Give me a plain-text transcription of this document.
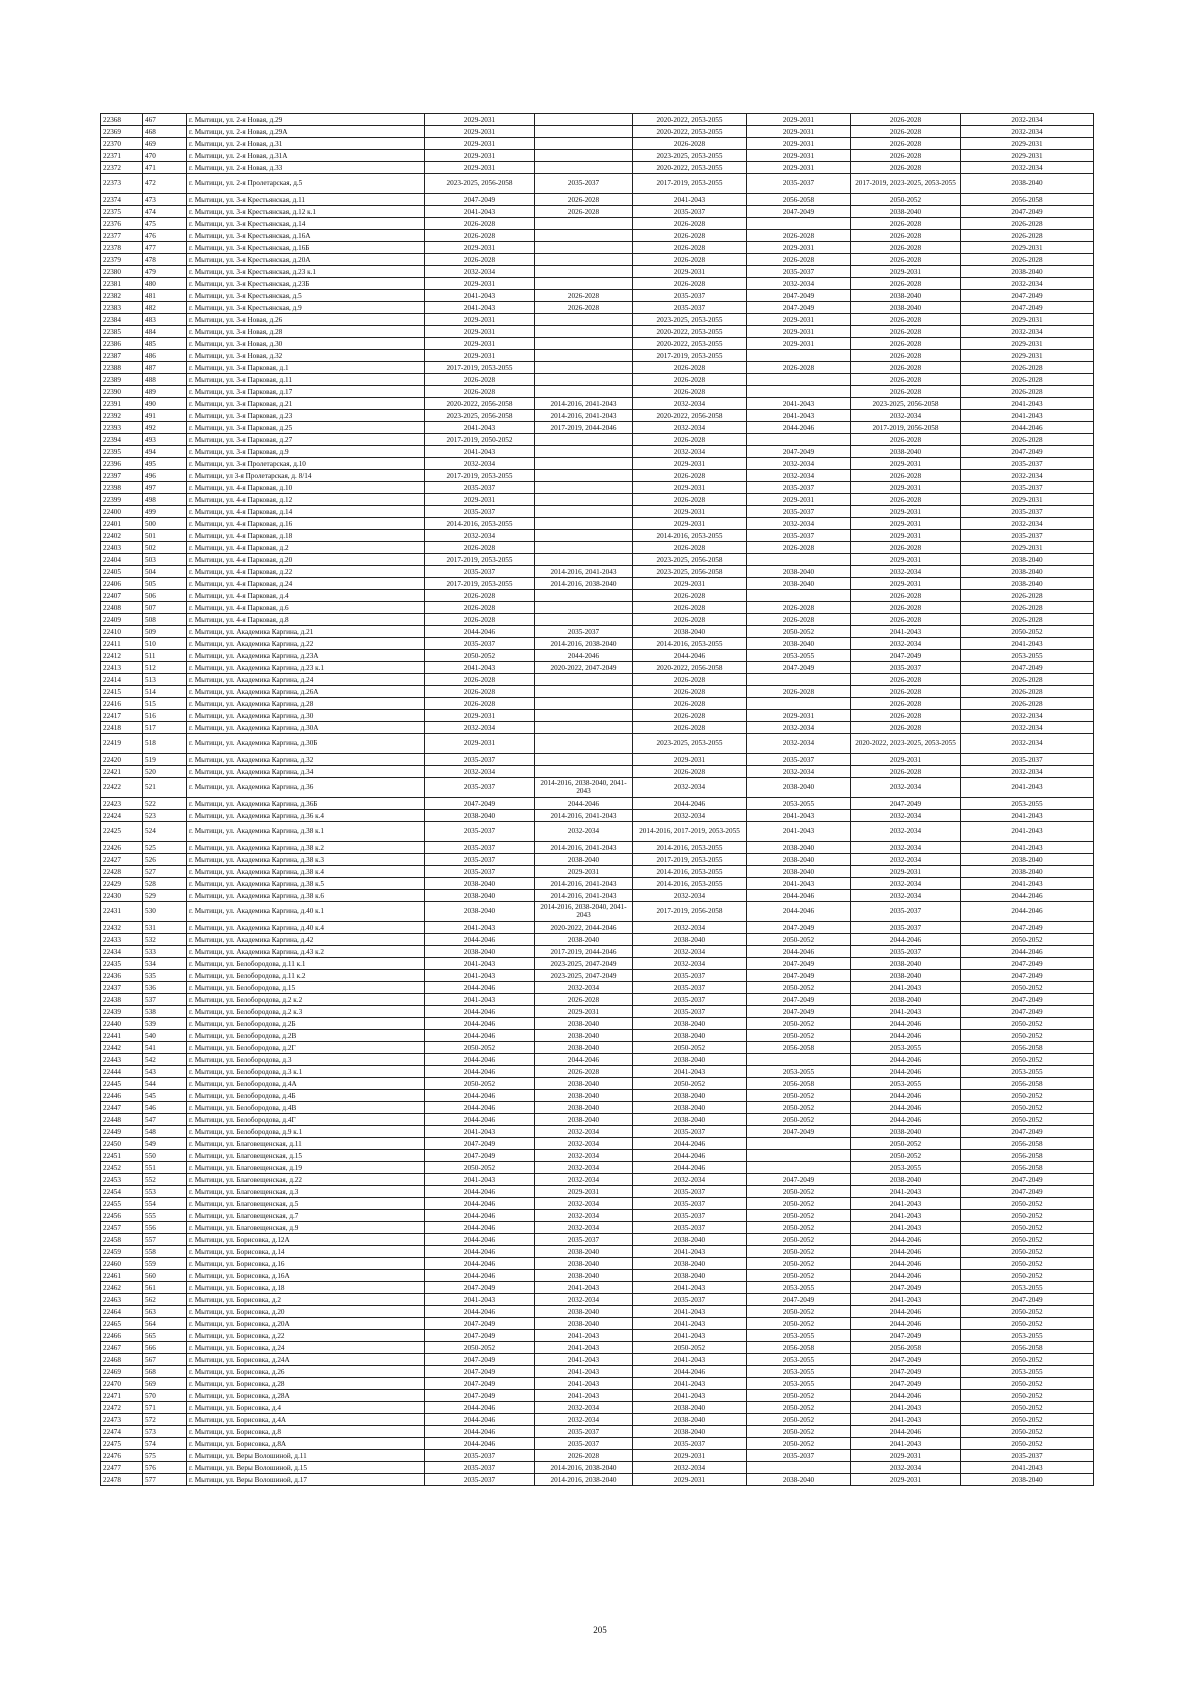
22368	467	г. Мытищи, ул. 2-я Новая, д.29	2029-2031		2020-2022, 2053-2055	2029-2031	2026-2028	2032-2034
22369	468	г. Мытищи, ул. 2-я Новая, д.29А	2029-2031		2020-2022, 2053-2055	2029-2031	2026-2028	2032-2034
22370	469	г. Мытищи, ул. 2-я Новая, д.31	2029-2031		2026-2028	2029-2031	2026-2028	2029-2031
22371	470	г. Мытищи, ул. 2-я Новая, д.31А	2029-2031		2023-2025, 2053-2055	2029-2031	2026-2028	2029-2031
22372	471	г. Мытищи, ул. 2-я Новая, д.33	2029-2031		2020-2022, 2053-2055	2029-2031	2026-2028	2032-2034
22373	472	г. Мытищи, ул. 2-я Пролетарская, д.5	2023-2025, 2056-2058	2035-2037	2017-2019, 2053-2055	2035-2037	2017-2019, 2023-2025, 2053-2055	2038-2040
22374	473	г. Мытищи, ул. 3-я Крестьянская, д.11	2047-2049	2026-2028	2041-2043	2056-2058	2050-2052	2056-2058
22375	474	г. Мытищи, ул. 3-я Крестьянская, д.12 к.1	2041-2043	2026-2028	2035-2037	2047-2049	2038-2040	2047-2049
22376	475	г. Мытищи, ул. 3-я Крестьянская, д.14	2026-2028		2026-2028		2026-2028	2026-2028
22377	476	г. Мытищи, ул. 3-я Крестьянская, д.16А	2026-2028		2026-2028	2026-2028	2026-2028	2026-2028
22378	477	г. Мытищи, ул. 3-я Крестьянская, д.16Б	2029-2031		2026-2028	2029-2031	2026-2028	2029-2031
22379	478	г. Мытищи, ул. 3-я Крестьянская, д.20А	2026-2028		2026-2028	2026-2028	2026-2028	2026-2028
22380	479	г. Мытищи, ул. 3-я Крестьянская, д.23 к.1	2032-2034		2029-2031	2035-2037	2029-2031	2038-2040
22381	480	г. Мытищи, ул. 3-я Крестьянская, д.23Б	2029-2031		2026-2028	2032-2034	2026-2028	2032-2034
22382	481	г. Мытищи, ул. 3-я Крестьянская, д.5	2041-2043	2026-2028	2035-2037	2047-2049	2038-2040	2047-2049
22383	482	г. Мытищи, ул. 3-я Крестьянская, д.9	2041-2043	2026-2028	2035-2037	2047-2049	2038-2040	2047-2049
22384	483	г. Мытищи, ул. 3-я Новая, д.26	2029-2031		2023-2025, 2053-2055	2029-2031	2026-2028	2029-2031
22385	484	г. Мытищи, ул. 3-я Новая, д.28	2029-2031		2020-2022, 2053-2055	2029-2031	2026-2028	2032-2034
22386	485	г. Мытищи, ул. 3-я Новая, д.30	2029-2031		2020-2022, 2053-2055	2029-2031	2026-2028	2029-2031
22387	486	г. Мытищи, ул. 3-я Новая, д.32	2029-2031		2017-2019, 2053-2055		2026-2028	2029-2031
22388	487	г. Мытищи, ул. 3-я Парковая, д.1	2017-2019, 2053-2055		2026-2028	2026-2028	2026-2028	2026-2028
22389	488	г. Мытищи, ул. 3-я Парковая, д.11	2026-2028		2026-2028		2026-2028	2026-2028
22390	489	г. Мытищи, ул. 3-я Парковая, д.17	2026-2028		2026-2028		2026-2028	2026-2028
22391	490	г. Мытищи, ул. 3-я Парковая, д.21	2020-2022, 2056-2058	2014-2016, 2041-2043	2032-2034	2041-2043	2023-2025, 2056-2058	2041-2043
22392	491	г. Мытищи, ул. 3-я Парковая, д.23	2023-2025, 2056-2058	2014-2016, 2041-2043	2020-2022, 2056-2058	2041-2043	2032-2034	2041-2043
22393	492	г. Мытищи, ул. 3-я Парковая, д.25	2041-2043	2017-2019, 2044-2046	2032-2034	2044-2046	2017-2019, 2056-2058	2044-2046
22394	493	г. Мытищи, ул. 3-я Парковая, д.27	2017-2019, 2050-2052		2026-2028		2026-2028	2026-2028
22395	494	г. Мытищи, ул. 3-я Парковая, д.9	2041-2043		2032-2034	2047-2049	2038-2040	2047-2049
22396	495	г. Мытищи, ул. 3-я Пролетарская, д.10	2032-2034		2029-2031	2032-2034	2029-2031	2035-2037
22397	496	г. Мытищи, ул 3-я Пролетарская, д. 8/14	2017-2019, 2053-2055		2026-2028	2032-2034	2026-2028	2032-2034
22398	497	г. Мытищи, ул. 4-я Парковая, д.10	2035-2037		2029-2031	2035-2037	2029-2031	2035-2037
22399	498	г. Мытищи, ул. 4-я Парковая, д.12	2029-2031		2026-2028	2029-2031	2026-2028	2029-2031
22400	499	г. Мытищи, ул. 4-я Парковая, д.14	2035-2037		2029-2031	2035-2037	2029-2031	2035-2037
22401	500	г. Мытищи, ул. 4-я Парковая, д.16	2014-2016, 2053-2055		2029-2031	2032-2034	2029-2031	2032-2034
22402	501	г. Мытищи, ул. 4-я Парковая, д.18	2032-2034		2014-2016, 2053-2055	2035-2037	2029-2031	2035-2037
22403	502	г. Мытищи, ул. 4-я Парковая, д.2	2026-2028		2026-2028	2026-2028	2026-2028	2029-2031
22404	503	г. Мытищи, ул. 4-я Парковая, д.20	2017-2019, 2053-2055		2023-2025, 2056-2058		2029-2031	2038-2040
22405	504	г. Мытищи, ул. 4-я Парковая, д.22	2035-2037	2014-2016, 2041-2043	2023-2025, 2056-2058	2038-2040	2032-2034	2038-2040
22406	505	г. Мытищи, ул. 4-я Парковая, д.24	2017-2019, 2053-2055	2014-2016, 2038-2040	2029-2031	2038-2040	2029-2031	2038-2040
22407	506	г. Мытищи, ул. 4-я Парковая, д.4	2026-2028		2026-2028		2026-2028	2026-2028
22408	507	г. Мытищи, ул. 4-я Парковая, д.6	2026-2028		2026-2028	2026-2028	2026-2028	2026-2028
22409	508	г. Мытищи, ул. 4-я Парковая, д.8	2026-2028		2026-2028	2026-2028	2026-2028	2026-2028
22410	509	г. Мытищи, ул. Академика Каргина, д.21	2044-2046	2035-2037	2038-2040	2050-2052	2041-2043	2050-2052
22411	510	г. Мытищи, ул. Академика Каргина, д.22	2035-2037	2014-2016, 2038-2040	2014-2016, 2053-2055	2038-2040	2032-2034	2041-2043
22412	511	г. Мытищи, ул. Академика Каргина, д.23А	2050-2052	2044-2046	2044-2046	2053-2055	2047-2049	2053-2055
22413	512	г. Мытищи, ул. Академика Каргина, д.23 к.1	2041-2043	2020-2022, 2047-2049	2020-2022, 2056-2058	2047-2049	2035-2037	2047-2049
22414	513	г. Мытищи, ул. Академика Каргина, д.24	2026-2028		2026-2028		2026-2028	2026-2028
22415	514	г. Мытищи, ул. Академика Каргина, д.26А	2026-2028		2026-2028	2026-2028	2026-2028	2026-2028
22416	515	г. Мытищи, ул. Академика Каргина, д.28	2026-2028		2026-2028		2026-2028	2026-2028
22417	516	г. Мытищи, ул. Академика Каргина, д.30	2029-2031		2026-2028	2029-2031	2026-2028	2032-2034
22418	517	г. Мытищи, ул. Академика Каргина, д.30А	2032-2034		2026-2028	2032-2034	2026-2028	2032-2034
22419	518	г. Мытищи, ул. Академика Каргина, д.30Б	2029-2031		2023-2025, 2053-2055	2032-2034	2020-2022, 2023-2025, 2053-2055	2032-2034
22420	519	г. Мытищи, ул. Академика Каргина, д.32	2035-2037		2029-2031	2035-2037	2029-2031	2035-2037
22421	520	г. Мытищи, ул. Академика Каргина, д.34	2032-2034		2026-2028	2032-2034	2026-2028	2032-2034
22422	521	г. Мытищи, ул. Академика Каргина, д.36	2035-2037	2014-2016, 2038-2040, 2041-2043	2032-2034	2038-2040	2032-2034	2041-2043
22423	522	г. Мытищи, ул. Академика Каргина, д.36Б	2047-2049	2044-2046	2044-2046	2053-2055	2047-2049	2053-2055
22424	523	г. Мытищи, ул. Академика Каргина, д.36 к.4	2038-2040	2014-2016, 2041-2043	2032-2034	2041-2043	2032-2034	2041-2043
22425	524	г. Мытищи, ул. Академика Каргина, д.38 к.1	2035-2037	2032-2034	2014-2016, 2017-2019, 2053-2055	2041-2043	2032-2034	2041-2043
22426	525	г. Мытищи, ул. Академика Каргина, д.38 к.2	2035-2037	2014-2016, 2041-2043	2014-2016, 2053-2055	2038-2040	2032-2034	2041-2043
22427	526	г. Мытищи, ул. Академика Каргина, д.38 к.3	2035-2037	2038-2040	2017-2019, 2053-2055	2038-2040	2032-2034	2038-2040
22428	527	г. Мытищи, ул. Академика Каргина, д.38 к.4	2035-2037	2029-2031	2014-2016, 2053-2055	2038-2040	2029-2031	2038-2040
22429	528	г. Мытищи, ул. Академика Каргина, д.38 к.5	2038-2040	2014-2016, 2041-2043	2014-2016, 2053-2055	2041-2043	2032-2034	2041-2043
22430	529	г. Мытищи, ул. Академика Каргина, д.38 к.6	2038-2040	2014-2016, 2041-2043	2032-2034	2044-2046	2032-2034	2044-2046
22431	530	г. Мытищи, ул. Академика Каргина, д.40 к.1	2038-2040	2014-2016, 2038-2040, 2041-2043	2017-2019, 2056-2058	2044-2046	2035-2037	2044-2046
22432	531	г. Мытищи, ул. Академика Каргина, д.40 к.4	2041-2043	2020-2022, 2044-2046	2032-2034	2047-2049	2035-2037	2047-2049
22433	532	г. Мытищи, ул. Академика Каргина, д.42	2044-2046	2038-2040	2038-2040	2050-2052	2044-2046	2050-2052
22434	533	г. Мытищи, ул. Академика Каргина, д.43 к.2	2038-2040	2017-2019, 2044-2046	2032-2034	2044-2046	2035-2037	2044-2046
22435	534	г. Мытищи, ул. Белобородова, д.11 к.1	2041-2043	2023-2025, 2047-2049	2032-2034	2047-2049	2038-2040	2047-2049
22436	535	г. Мытищи, ул. Белобородова, д.11 к.2	2041-2043	2023-2025, 2047-2049	2035-2037	2047-2049	2038-2040	2047-2049
22437	536	г. Мытищи, ул. Белобородова, д.15	2044-2046	2032-2034	2035-2037	2050-2052	2041-2043	2050-2052
22438	537	г. Мытищи, ул. Белобородова, д.2 к.2	2041-2043	2026-2028	2035-2037	2047-2049	2038-2040	2047-2049
22439	538	г. Мытищи, ул. Белобородова, д.2 к.3	2044-2046	2029-2031	2035-2037	2047-2049	2041-2043	2047-2049
22440	539	г. Мытищи, ул. Белобородова, д.2Б	2044-2046	2038-2040	2038-2040	2050-2052	2044-2046	2050-2052
22441	540	г. Мытищи, ул. Белобородова, д.2В	2044-2046	2038-2040	2038-2040	2050-2052	2044-2046	2050-2052
22442	541	г. Мытищи, ул. Белобородова, д.2Г	2050-2052	2038-2040	2050-2052	2056-2058	2053-2055	2056-2058
22443	542	г. Мытищи, ул. Белобородова, д.3	2044-2046	2044-2046	2038-2040		2044-2046	2050-2052
22444	543	г. Мытищи, ул. Белобородова, д.3 к.1	2044-2046	2026-2028	2041-2043	2053-2055	2044-2046	2053-2055
22445	544	г. Мытищи, ул. Белобородова, д.4А	2050-2052	2038-2040	2050-2052	2056-2058	2053-2055	2056-2058
22446	545	г. Мытищи, ул. Белобородова, д.4Б	2044-2046	2038-2040	2038-2040	2050-2052	2044-2046	2050-2052
22447	546	г. Мытищи, ул. Белобородова, д.4В	2044-2046	2038-2040	2038-2040	2050-2052	2044-2046	2050-2052
22448	547	г. Мытищи, ул. Белобородова, д.4Г	2044-2046	2038-2040	2038-2040	2050-2052	2044-2046	2050-2052
22449	548	г. Мытищи, ул. Белобородова, д.9 к.1	2041-2043	2032-2034	2035-2037	2047-2049	2038-2040	2047-2049
22450	549	г. Мытищи, ул. Благовещенская, д.11	2047-2049	2032-2034	2044-2046		2050-2052	2056-2058
22451	550	г. Мытищи, ул. Благовещенская, д.15	2047-2049	2032-2034	2044-2046		2050-2052	2056-2058
22452	551	г. Мытищи, ул. Благовещенская, д.19	2050-2052	2032-2034	2044-2046		2053-2055	2056-2058
22453	552	г. Мытищи, ул. Благовещенская, д.22	2041-2043	2032-2034	2032-2034	2047-2049	2038-2040	2047-2049
22454	553	г. Мытищи, ул. Благовещенская, д.3	2044-2046	2029-2031	2035-2037	2050-2052	2041-2043	2047-2049
22455	554	г. Мытищи, ул. Благовещенская, д.5	2044-2046	2032-2034	2035-2037	2050-2052	2041-2043	2050-2052
22456	555	г. Мытищи, ул. Благовещенская, д.7	2044-2046	2032-2034	2035-2037	2050-2052	2041-2043	2050-2052
22457	556	г. Мытищи, ул. Благовещенская, д.9	2044-2046	2032-2034	2035-2037	2050-2052	2041-2043	2050-2052
22458	557	г. Мытищи, ул. Борисовка, д.12А	2044-2046	2035-2037	2038-2040	2050-2052	2044-2046	2050-2052
22459	558	г. Мытищи, ул. Борисовка, д.14	2044-2046	2038-2040	2041-2043	2050-2052	2044-2046	2050-2052
22460	559	г. Мытищи, ул. Борисовка, д.16	2044-2046	2038-2040	2038-2040	2050-2052	2044-2046	2050-2052
22461	560	г. Мытищи, ул. Борисовка, д.16А	2044-2046	2038-2040	2038-2040	2050-2052	2044-2046	2050-2052
22462	561	г. Мытищи, ул. Борисовка, д.18	2047-2049	2041-2043	2041-2043	2053-2055	2047-2049	2053-2055
22463	562	г. Мытищи, ул. Борисовка, д.2	2041-2043	2032-2034	2035-2037	2047-2049	2041-2043	2047-2049
22464	563	г. Мытищи, ул. Борисовка, д.20	2044-2046	2038-2040	2041-2043	2050-2052	2044-2046	2050-2052
22465	564	г. Мытищи, ул. Борисовка, д.20А	2047-2049	2038-2040	2041-2043	2050-2052	2044-2046	2050-2052
22466	565	г. Мытищи, ул. Борисовка, д.22	2047-2049	2041-2043	2041-2043	2053-2055	2047-2049	2053-2055
22467	566	г. Мытищи, ул. Борисовка, д.24	2050-2052	2041-2043	2050-2052	2056-2058	2056-2058	2056-2058
22468	567	г. Мытищи, ул. Борисовка, д.24А	2047-2049	2041-2043	2041-2043	2053-2055	2047-2049	2050-2052
22469	568	г. Мытищи, ул. Борисовка, д.26	2047-2049	2041-2043	2044-2046	2053-2055	2047-2049	2053-2055
22470	569	г. Мытищи, ул. Борисовка, д.28	2047-2049	2041-2043	2041-2043	2053-2055	2047-2049	2050-2052
22471	570	г. Мытищи, ул. Борисовка, д.28А	2047-2049	2041-2043	2041-2043	2050-2052	2044-2046	2050-2052
22472	571	г. Мытищи, ул. Борисовка, д.4	2044-2046	2032-2034	2038-2040	2050-2052	2041-2043	2050-2052
22473	572	г. Мытищи, ул. Борисовка, д.4А	2044-2046	2032-2034	2038-2040	2050-2052	2041-2043	2050-2052
22474	573	г. Мытищи, ул. Борисовка, д.8	2044-2046	2035-2037	2038-2040	2050-2052	2044-2046	2050-2052
22475	574	г. Мытищи, ул. Борисовка, д.8А	2044-2046	2035-2037	2035-2037	2050-2052	2041-2043	2050-2052
22476	575	г. Мытищи, ул. Веры Волошиной, д.11	2035-2037	2026-2028	2029-2031	2035-2037	2029-2031	2035-2037
22477	576	г. Мытищи, ул. Веры Волошиной, д.15	2035-2037	2014-2016, 2038-2040	2032-2034		2032-2034	2041-2043
22478	577	г. Мытищи, ул. Веры Волошиной, д.17	2035-2037	2014-2016, 2038-2040	2029-2031	2038-2040	2029-2031	2038-2040
205
